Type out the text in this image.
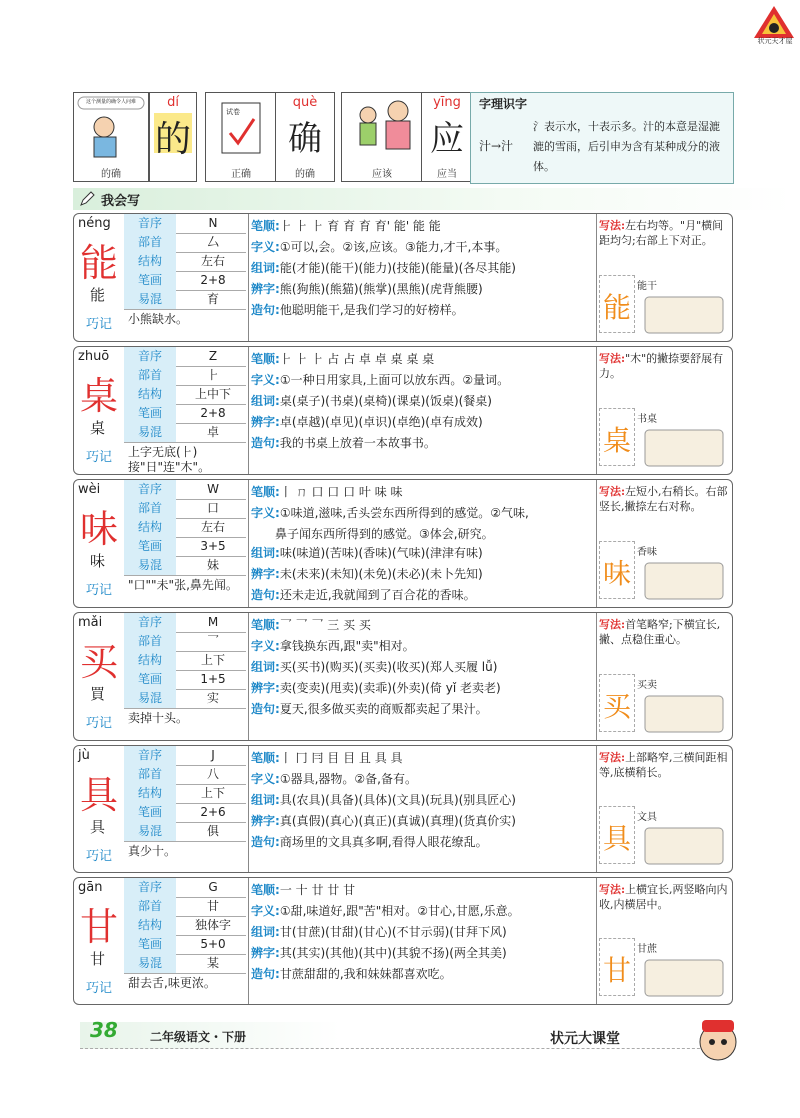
状元天才屋
这个测量的确令人问难
的确
dí
的
试卷
正确
què
确
的确	应该
yīng
应
应当
字理识字
汁→汁
氵表示水，十表示多。汁的本意是湿漉漉的雪雨，后引申为含有某种成分的液体。
我会写
néng
能
能
音序	N
部首	厶
结构	左右
笔画	2+8
易混	育
巧记	小熊缺水。
笔顺:⺊ ⺊ ⺊ 育 育 育 育' 能' 能 能
字义:①可以,会。②该,应该。③能力,才干,本事。
组词:能(才能)(能干)(能力)(技能)(能量)(各尽其能)
辨字:熊(狗熊)(熊猫)(熊掌)(黑熊)(虎背熊腰)
造句:他聪明能干,是我们学习的好榜样。
写法:左右均等。"月"横间距均匀;右部上下对正。
能
能干
zhuō
桌
桌
音序	Z
部首	⺊
结构	上中下
笔画	2+8
易混	卓
巧记	上字无底(⺊)接"日"连"木"。
笔顺:⺊ ⺊ ⺊ 占 占 卓 卓 桌 桌 桌
字义:①一种日用家具,上面可以放东西。②量词。
组词:桌(桌子)(书桌)(桌椅)(课桌)(饭桌)(餐桌)
辨字:卓(卓越)(卓见)(卓识)(卓绝)(卓有成效)
造句:我的书桌上放着一本故事书。
写法:"木"的撇捺要舒展有力。
桌
书桌
wèi
味
味
音序	W
部首	口
结构	左右
笔画	3+5
易混	妹
巧记	"口""未"张,鼻先闻。
笔顺:丨 ㄇ 口 口 口 叶 味 味
字义:①味道,滋味,舌头尝东西所得到的感觉。②气味,
鼻子闻东西所得到的感觉。③体会,研究。
组词:味(味道)(苦味)(香味)(气味)(津津有味)
辨字:未(未来)(未知)(未免)(未必)(未卜先知)
造句:还未走近,我就闻到了百合花的香味。
写法:左短小,右稍长。右部竖长,撇捺左右对称。
味
香味
mǎi
买
買
音序	M
部首	乛
结构	上下
笔画	1+5
易混	实
巧记	卖掉十头。
笔顺:乛 乛 乛 三 买 买
字义:拿钱换东西,跟"卖"相对。
组词:买(买书)(购买)(买卖)(收买)(郑人买履 lǚ)
辨字:卖(变卖)(甩卖)(卖乖)(外卖)(倚 yǐ 老卖老)
造句:夏天,很多做买卖的商贩都卖起了果汁。
写法:首笔略窄;下横宜长,撇、点稳住重心。
买
买卖
jù
具
具
音序	J
部首	八
结构	上下
笔画	2+6
易混	俱
巧记	真少十。
笔顺:丨 冂 冃 目 目 且 具 具
字义:①器具,器物。②备,备有。
组词:具(农具)(具备)(具体)(文具)(玩具)(别具匠心)
辨字:真(真假)(真心)(真正)(真诚)(真理)(货真价实)
造句:商场里的文具真多啊,看得人眼花缭乱。
写法:上部略窄,三横间距相等,底横稍长。
具
文具
gān
甘
甘
音序	G
部首	甘
结构	独体字
笔画	5+0
易混	某
巧记	甜去舌,味更浓。
笔顺:一 十 廿 廿 甘
字义:①甜,味道好,跟"苦"相对。②甘心,甘愿,乐意。
组词:甘(甘蔗)(甘甜)(甘心)(不甘示弱)(甘拜下风)
辨字:其(其实)(其他)(其中)(其貌不扬)(两全其美)
造句:甘蔗甜甜的,我和妹妹都喜欢吃。
写法:上横宜长,两竖略向内收,内横居中。
甘
甘蔗
38	二年级语文・下册	状元大课堂
